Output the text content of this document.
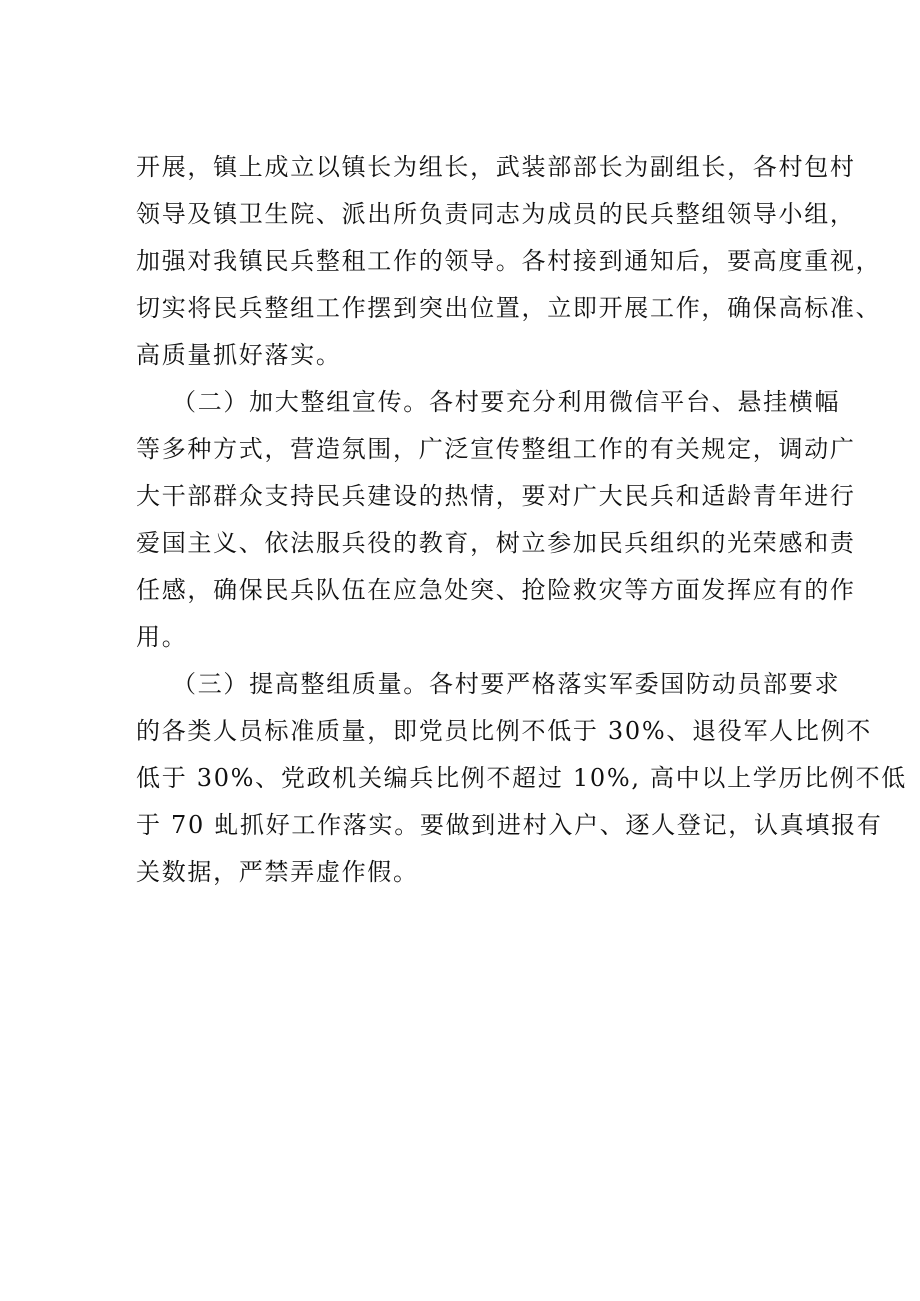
开展，镇上成立以镇长为组长，武装部部长为副组长，各村包村
领导及镇卫生院、派出所负责同志为成员的民兵整组领导小组，
加强对我镇民兵整租工作的领导。各村接到通知后，要高度重视，
切实将民兵整组工作摆到突出位置，立即开展工作，确保高标准、
高质量抓好落实。
（二）加大整组宣传。各村要充分利用微信平台、悬挂横幅
等多种方式，营造氛围，广泛宣传整组工作的有关规定，调动广
大干部群众支持民兵建设的热情，要对广大民兵和适龄青年进行
爱国主义、依法服兵役的教育，树立参加民兵组织的光荣感和责
任感，确保民兵队伍在应急处突、抢险救灾等方面发挥应有的作
用。
（三）提高整组质量。各村要严格落实军委国防动员部要求
的各类人员标准质量，即党员比例不低于 30%、退役军人比例不
低于 30%、党政机关编兵比例不超过 10%, 高中以上学历比例不低
于 70 虬抓好工作落实。要做到进村入户、逐人登记，认真填报有
关数据，严禁弄虚作假。
